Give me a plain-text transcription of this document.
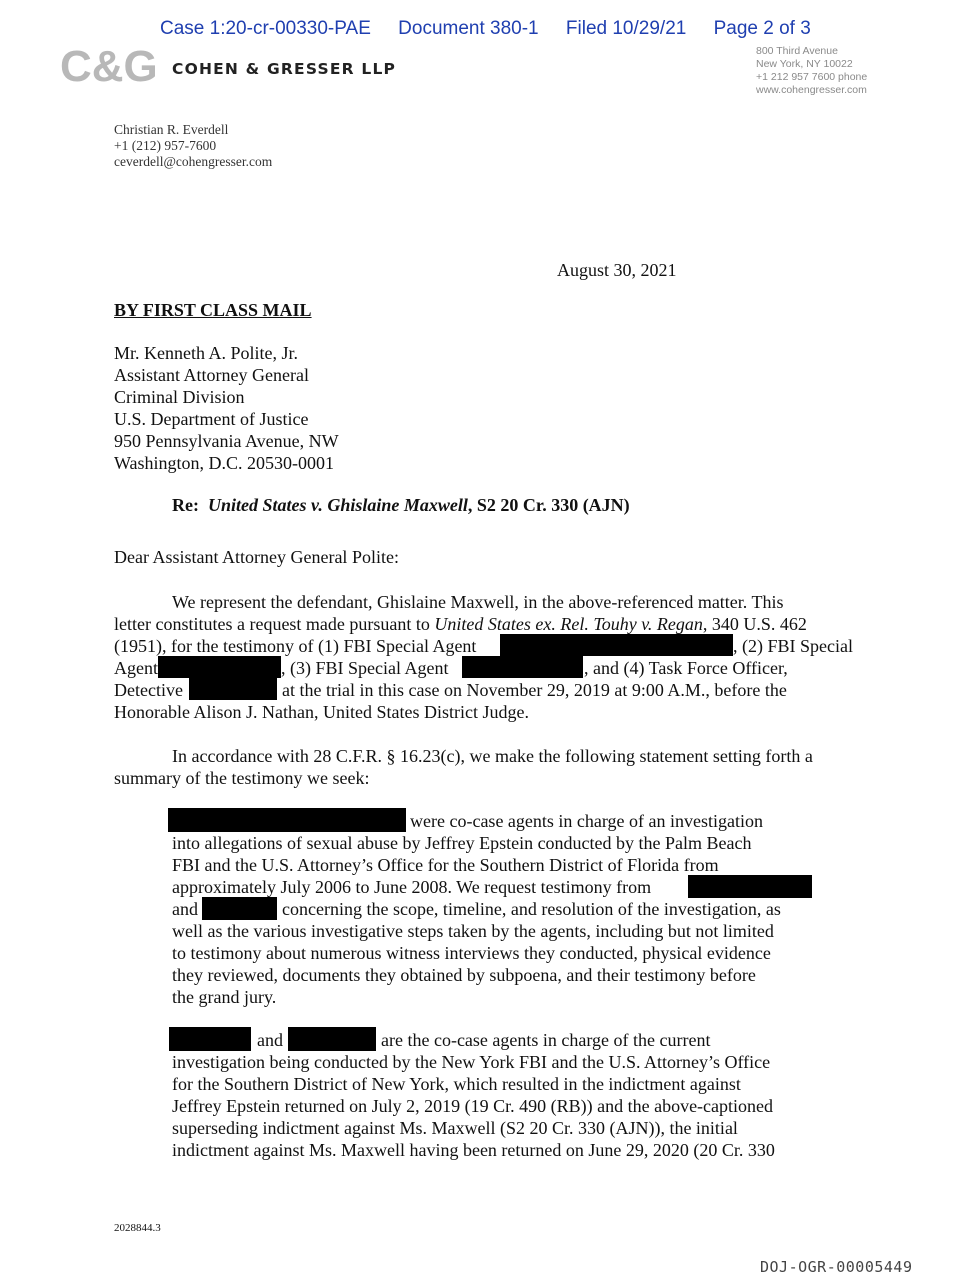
Case 1:20-cr-00330-PAE Document 380-1 Filed 10/29/21 Page 2 of 3
C&G COHEN & GRESSER LLP
800 Third Avenue
New York, NY 10022
+1 212 957 7600 phone
www.cohengresser.com
Christian R. Everdell
+1 (212) 957-7600
ceverdell@cohengresser.com
August 30, 2021
BY FIRST CLASS MAIL
Mr. Kenneth A. Polite, Jr.
Assistant Attorney General
Criminal Division
U.S. Department of Justice
950 Pennsylvania Avenue, NW
Washington, D.C. 20530-0001
Re: United States v. Ghislaine Maxwell, S2 20 Cr. 330 (AJN)
Dear Assistant Attorney General Polite:
We represent the defendant, Ghislaine Maxwell, in the above-referenced matter. This
letter constitutes a request made pursuant to United States ex. Rel. Touhy v. Regan, 340 U.S. 462
(1951), for the testimony of (1) FBI Special Agent	, (2) FBI Special
Agent	, (3) FBI Special Agent	, and (4) Task Force Officer,
Detective	at the trial in this case on November 29, 2019 at 9:00 A.M., before the
Honorable Alison J. Nathan, United States District Judge.
In accordance with 28 C.F.R. § 16.23(c), we make the following statement setting forth a
summary of the testimony we seek:
were co-case agents in charge of an investigation
into allegations of sexual abuse by Jeffrey Epstein conducted by the Palm Beach
FBI and the U.S. Attorney’s Office for the Southern District of Florida from
approximately July 2006 to June 2008. We request testimony from
and	concerning the scope, timeline, and resolution of the investigation, as
well as the various investigative steps taken by the agents, including but not limited
to testimony about numerous witness interviews they conducted, physical evidence
they reviewed, documents they obtained by subpoena, and their testimony before
the grand jury.
and	are the co-case agents in charge of the current
investigation being conducted by the New York FBI and the U.S. Attorney’s Office
for the Southern District of New York, which resulted in the indictment against
Jeffrey Epstein returned on July 2, 2019 (19 Cr. 490 (RB)) and the above-captioned
superseding indictment against Ms. Maxwell (S2 20 Cr. 330 (AJN)), the initial
indictment against Ms. Maxwell having been returned on June 29, 2020 (20 Cr. 330
2028844.3
DOJ-OGR-00005449
